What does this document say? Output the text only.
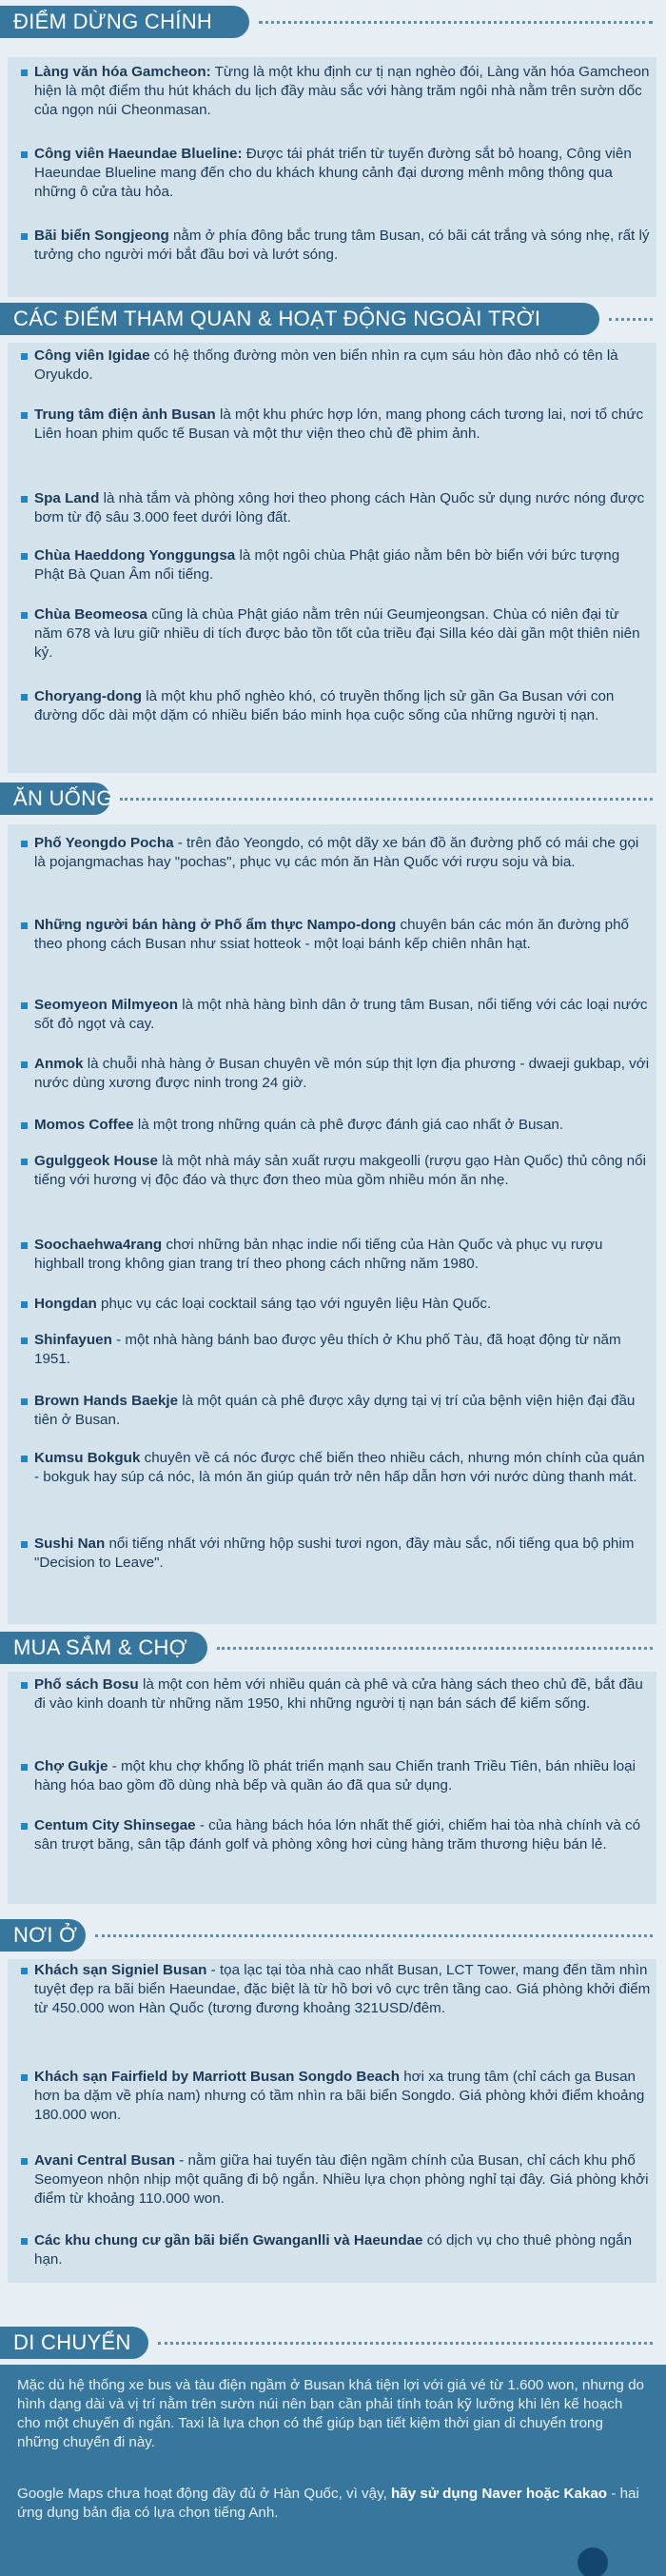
ĐIỂM DỪNG CHÍNH
Làng văn hóa Gamcheon: Từng là một khu định cư tị nạn nghèo đói, Làng văn hóa Gamcheon hiện là một điểm thu hút khách du lịch đầy màu sắc với hàng trăm ngôi nhà nằm trên sườn dốc của ngọn núi Cheonmasan.
Công viên Haeundae Blueline: Được tái phát triển từ tuyến đường sắt bỏ hoang, Công viên Haeundae Blueline mang đến cho du khách khung cảnh đại dương mênh mông thông qua những ô cửa tàu hỏa.
Bãi biển Songjeong nằm ở phía đông bắc trung tâm Busan, có bãi cát trắng và sóng nhẹ, rất lý tưởng cho người mới bắt đầu bơi và lướt sóng.
CÁC ĐIỂM THAM QUAN & HOẠT ĐỘNG NGOÀI TRỜI
Công viên Igidae có hệ thống đường mòn ven biển nhìn ra cụm sáu hòn đảo nhỏ có tên là Oryukdo.
Trung tâm điện ảnh Busan là một khu phức hợp lớn, mang phong cách tương lai, nơi tổ chức Liên hoan phim quốc tế Busan và một thư viện theo chủ đề phim ảnh.
Spa Land là nhà tắm và phòng xông hơi theo phong cách Hàn Quốc sử dụng nước nóng được bơm từ độ sâu 3.000 feet dưới lòng đất.
Chùa Haeddong Yonggungsa là một ngôi chùa Phật giáo nằm bên bờ biển với bức tượng Phật Bà Quan Âm nổi tiếng.
Chùa Beomeosa cũng là chùa Phật giáo nằm trên núi Geumjeongsan. Chùa có niên đại từ năm 678 và lưu giữ nhiều di tích được bảo tồn tốt của triều đại Silla kéo dài gần một thiên niên kỷ.
Choryang-dong là một khu phố nghèo khó, có truyền thống lịch sử gần Ga Busan với con đường dốc dài một dặm có nhiều biển báo minh họa cuộc sống của những người tị nạn.
ĂN UỐNG
Phố Yeongdo Pocha - trên đảo Yeongdo, có một dãy xe bán đồ ăn đường phố có mái che gọi là pojangmachas hay "pochas", phục vụ các món ăn Hàn Quốc với rượu soju và bia.
Những người bán hàng ở Phố ẩm thực Nampo-dong chuyên bán các món ăn đường phố theo phong cách Busan như ssiat hotteok - một loại bánh kếp chiên nhân hạt.
Seomyeon Milmyeon là một nhà hàng bình dân ở trung tâm Busan, nổi tiếng với các loại nước sốt đỏ ngọt và cay.
Anmok là chuỗi nhà hàng ở Busan chuyên về món súp thịt lợn địa phương - dwaeji gukbap, với nước dùng xương được ninh trong 24 giờ.
Momos Coffee là một trong những quán cà phê được đánh giá cao nhất ở Busan.
Ggulggeok House là một nhà máy sản xuất rượu makgeolli (rượu gạo Hàn Quốc) thủ công nổi tiếng với hương vị độc đáo và thực đơn theo mùa gồm nhiều món ăn nhẹ.
Soochaehwa4rang chơi những bản nhạc indie nổi tiếng của Hàn Quốc và phục vụ rượu highball trong không gian trang trí theo phong cách những năm 1980.
Hongdan phục vụ các loại cocktail sáng tạo với nguyên liệu Hàn Quốc.
Shinfayuen - một nhà hàng bánh bao được yêu thích ở Khu phố Tàu, đã hoạt động từ năm 1951.
Brown Hands Baekje là một quán cà phê được xây dựng tại vị trí của bệnh viện hiện đại đầu tiên ở Busan.
Kumsu Bokguk chuyên về cá nóc được chế biến theo nhiều cách, nhưng món chính của quán - bokguk hay súp cá nóc, là món ăn giúp quán trở nên hấp dẫn hơn với nước dùng thanh mát.
Sushi Nan nổi tiếng nhất với những hộp sushi tươi ngon, đầy màu sắc, nổi tiếng qua bộ phim "Decision to Leave".
MUA SẮM & CHỢ
Phố sách Bosu là một con hẻm với nhiều quán cà phê và cửa hàng sách theo chủ đề, bắt đầu đi vào kinh doanh từ những năm 1950, khi những người tị nạn bán sách để kiếm sống.
Chợ Gukje - một khu chợ khổng lồ phát triển mạnh sau Chiến tranh Triều Tiên, bán nhiều loại hàng hóa bao gồm đồ dùng nhà bếp và quần áo đã qua sử dụng.
Centum City Shinsegae - của hàng bách hóa lớn nhất thế giới, chiếm hai tòa nhà chính và có sân trượt băng, sân tập đánh golf và phòng xông hơi cùng hàng trăm thương hiệu bán lẻ.
NƠI Ở
Khách sạn Signiel Busan - tọa lạc tại tòa nhà cao nhất Busan, LCT Tower, mang đến tầm nhìn tuyệt đẹp ra bãi biển Haeundae, đặc biệt là từ hồ bơi vô cực trên tầng cao. Giá phòng khởi điểm từ 450.000 won Hàn Quốc (tương đương khoảng 321USD/đêm.
Khách sạn Fairfield by Marriott Busan Songdo Beach hơi xa trung tâm (chỉ cách ga Busan hơn ba dặm về phía nam) nhưng có tầm nhìn ra bãi biển Songdo. Giá phòng khởi điểm khoảng 180.000 won.
Avani Central Busan - nằm giữa hai tuyến tàu điện ngầm chính của Busan, chỉ cách khu phố Seomyeon nhộn nhịp một quãng đi bộ ngắn. Nhiều lựa chọn phòng nghỉ tại đây. Giá phòng khởi điểm từ khoảng 110.000 won.
Các khu chung cư gần bãi biển Gwanganlli và Haeundae có dịch vụ cho thuê phòng ngắn hạn.
DI CHUYỂN

Mặc dù hệ thống xe bus và tàu điện ngầm ở Busan khá tiện lợi với giá vé từ 1.600 won, nhưng do hình dạng dài và vị trí nằm trên sườn núi nên bạn cần phải tính toán kỹ lưỡng khi lên kế hoạch cho một chuyến đi ngắn. Taxi là lựa chọn có thể giúp bạn tiết kiệm thời gian di chuyển trong những chuyến đi này.

Google Maps chưa hoạt động đầy đủ ở Hàn Quốc, vì vậy, hãy sử dụng Naver hoặc Kakao - hai ứng dụng bản địa có lựa chọn tiếng Anh.
